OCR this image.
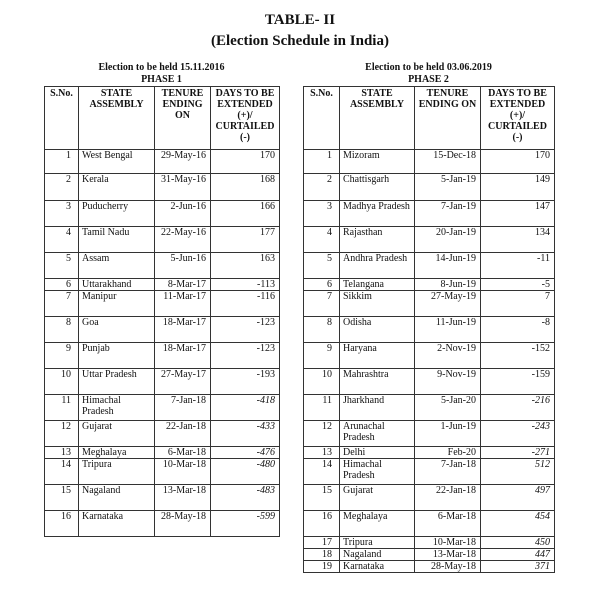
TABLE- II
(Election Schedule in India)
Election to be held 15.11.2016
PHASE 1
Election to be held 03.06.2019
PHASE 2
S.No.	STATE ASSEMBLY	TENURE ENDING ON	DAYS TO BE EXTENDED (+)/ CURTAILED (-)
1	West Bengal	29-May-16	170
2	Kerala	31-May-16	168
3	Puducherry	2-Jun-16	166
4	Tamil Nadu	22-May-16	177
5	Assam	5-Jun-16	163
6	Uttarakhand	8-Mar-17	-113
7	Manipur	11-Mar-17	-116
8	Goa	18-Mar-17	-123
9	Punjab	18-Mar-17	-123
10	Uttar Pradesh	27-May-17	-193
11	Himachal Pradesh	7-Jan-18	-418
12	Gujarat	22-Jan-18	-433
13	Meghalaya	6-Mar-18	-476
14	Tripura	10-Mar-18	-480
15	Nagaland	13-Mar-18	-483
16	Karnataka	28-May-18	-599
S.No.	STATE ASSEMBLY	TENURE ENDING ON	DAYS TO BE EXTENDED (+)/ CURTAILED (-)
1	Mizoram	15-Dec-18	170
2	Chattisgarh	5-Jan-19	149
3	Madhya Pradesh	7-Jan-19	147
4	Rajasthan	20-Jan-19	134
5	Andhra Pradesh	14-Jun-19	-11
6	Telangana	8-Jun-19	-5
7	Sikkim	27-May-19	7
8	Odisha	11-Jun-19	-8
9	Haryana	2-Nov-19	-152
10	Mahrashtra	9-Nov-19	-159
11	Jharkhand	5-Jan-20	-216
12	Arunachal Pradesh	1-Jun-19	-243
13	Delhi	Feb-20	-271
14	Himachal Pradesh	7-Jan-18	512
15	Gujarat	22-Jan-18	497
16	Meghalaya	6-Mar-18	454
17	Tripura	10-Mar-18	450
18	Nagaland	13-Mar-18	447
19	Karnataka	28-May-18	371
